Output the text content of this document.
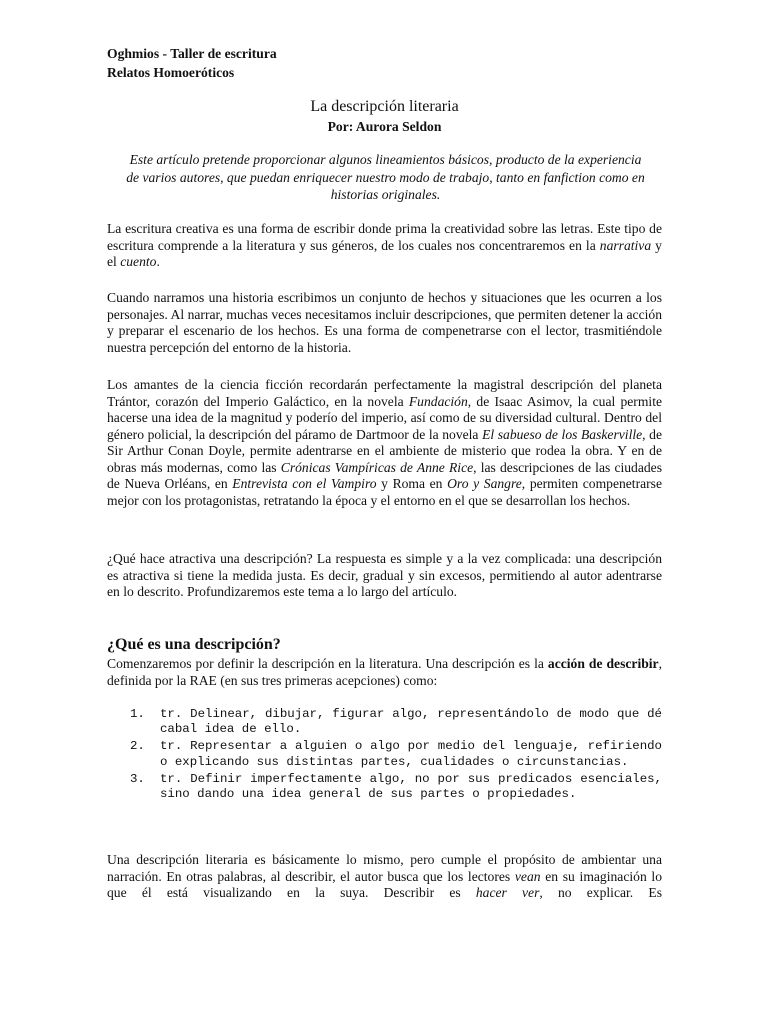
Oghmios - Taller de escritura
Relatos Homoeróticos
La descripción literaria
Por: Aurora Seldon
Este artículo pretende proporcionar algunos lineamientos básicos, producto de la experiencia de varios autores, que puedan enriquecer nuestro modo de trabajo, tanto en fanfiction como en historias originales.
La escritura creativa es una forma de escribir donde prima la creatividad sobre las letras. Este tipo de escritura comprende a la literatura y sus géneros, de los cuales nos concentraremos en la narrativa y el cuento.
Cuando narramos una historia escribimos un conjunto de hechos y situaciones que les ocurren a los personajes. Al narrar, muchas veces necesitamos incluir descripciones, que permiten detener la acción y preparar el escenario de los hechos. Es una forma de compenetrarse con el lector, trasmitiéndole nuestra percepción del entorno de la historia.
Los amantes de la ciencia ficción recordarán perfectamente la magistral descripción del planeta Trántor, corazón del Imperio Galáctico, en la novela Fundación, de Isaac Asimov, la cual permite hacerse una idea de la magnitud y poderío del imperio, así como de su diversidad cultural. Dentro del género policial, la descripción del páramo de Dartmoor de la novela El sabueso de los Baskerville, de Sir Arthur Conan Doyle, permite adentrarse en el ambiente de misterio que rodea la obra. Y en de obras más modernas, como las Crónicas Vampíricas de Anne Rice, las descripciones de las ciudades de Nueva Orléans, en Entrevista con el Vampiro y Roma en Oro y Sangre, permiten compenetrarse mejor con los protagonistas, retratando la época y el entorno en el que se desarrollan los hechos.
¿Qué hace atractiva una descripción? La respuesta es simple y a la vez complicada: una descripción es atractiva si tiene la medida justa. Es decir, gradual y sin excesos, permitiendo al autor adentrarse en lo descrito. Profundizaremos este tema a lo largo del artículo.
¿Qué es una descripción?
Comenzaremos por definir la descripción en la literatura. Una descripción es la acción de describir, definida por la RAE (en sus tres primeras acepciones) como:
1.	tr. Delinear, dibujar, figurar algo, representándolo de modo que dé cabal idea de ello.
2.	tr. Representar a alguien o algo por medio del lenguaje, refiriendo o explicando sus distintas partes, cualidades o circunstancias.
3.	tr. Definir imperfectamente algo, no por sus predicados esenciales, sino dando una idea general de sus partes o propiedades.
Una descripción literaria es básicamente lo mismo, pero cumple el propósito de ambientar una narración. En otras palabras, al describir, el autor busca que los lectores vean en su imaginación lo que él está visualizando en la suya. Describir es hacer ver, no explicar. Es
